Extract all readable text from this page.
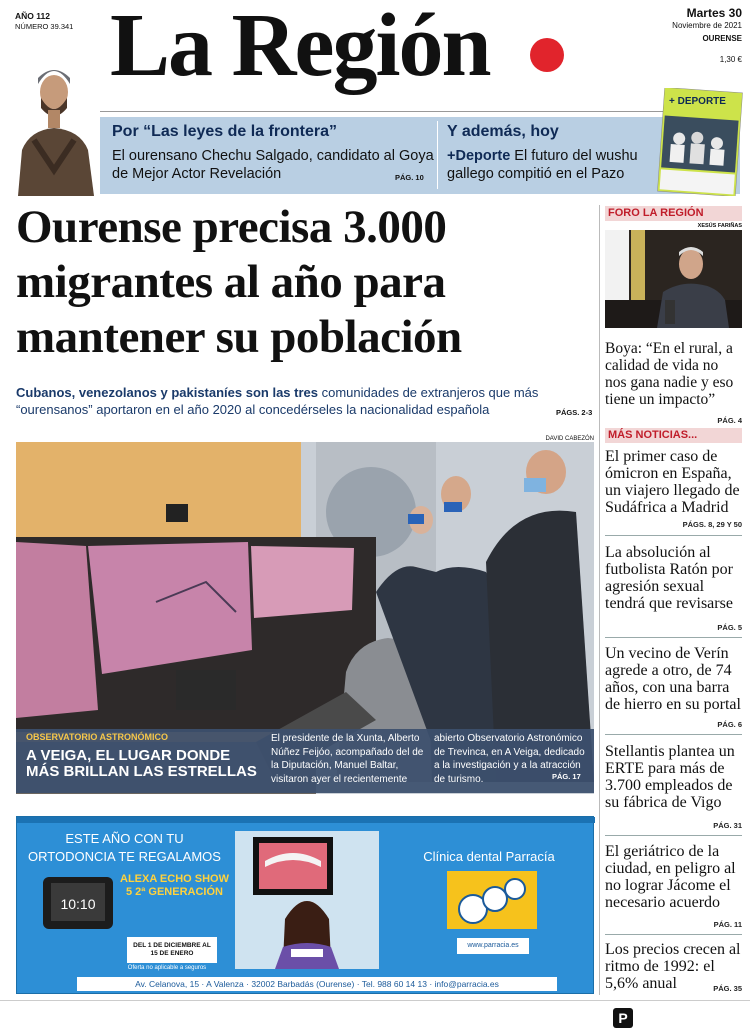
AÑO 112
NÚMERO 39.341 La Región	Martes 30
Noviembre de 2021
OURENSE
1,30 €
Por “Las leyes de la frontera”
El ourensano Chechu Salgado, candidato al Goya de Mejor Actor Revelación	PÁG. 10
Y además, hoy
+Deporte El futuro del wushu gallego compitió en el Pazo
+ DEPORTE
Ourense precisa 3.000 migrantes al año para mantener su población
Cubanos, venezolanos y pakistaníes son las tres comunidades de extranjeros que más “ourensanos” aportaron en el año 2020 al concedérseles la nacionalidad española	PÁGS. 2-3
DAVID CABEZÓN
OBSERVATORIO ASTRONÓMICO
A VEIGA, EL LUGAR DONDE MÁS BRILLAN LAS ESTRELLAS
El presidente de la Xunta, Alberto Núñez Feijóo, acompañado del de la Diputación, Manuel Baltar, visitaron ayer el recientemente
abierto Observatorio Astronómico de Trevinca, en A Veiga, dedicado a la investigación y a la atracción de turismo.	PÁG. 17
ESTE AÑO CON TU
ORTODONCIA TE REGALAMOS
10:10
ALEXA ECHO SHOW 5 2ª GENERACIÓN
DEL 1 DE DICIEMBRE AL 15 DE ENERO
Oferta no aplicable a seguros
Clínica dental Parracía
www.parracia.es
Av. Celanova, 15 · A Valenza · 32002 Barbadás (Ourense) · Tel. 988 60 14 13 · info@parracia.es
FORO LA REGIÓN
XESÚS FARIÑAS
Boya: “En el rural, a calidad de vida no nos gana nadie y eso tiene un impacto”
PÁG. 4
MÁS NOTICIAS...
El primer caso de ómicron en España, un viajero llegado de Sudáfrica a Madrid
PÁGS. 8, 29 Y 50
La absolución al futbolista Ratón por agresión sexual tendrá que revisarse
PÁG. 5
Un vecino de Verín agrede a otro, de 74 años, con una barra de hierro en su portal
PÁG. 6
Stellantis plantea un ERTE para más de 3.700 empleados de su fábrica de Vigo
PÁG. 31
El geriátrico de la ciudad, en peligro al no lograr Jácome el necesario acuerdo
PÁG. 11
Los precios crecen al ritmo de 1992: el 5,6% anual	PÁG. 35
P
